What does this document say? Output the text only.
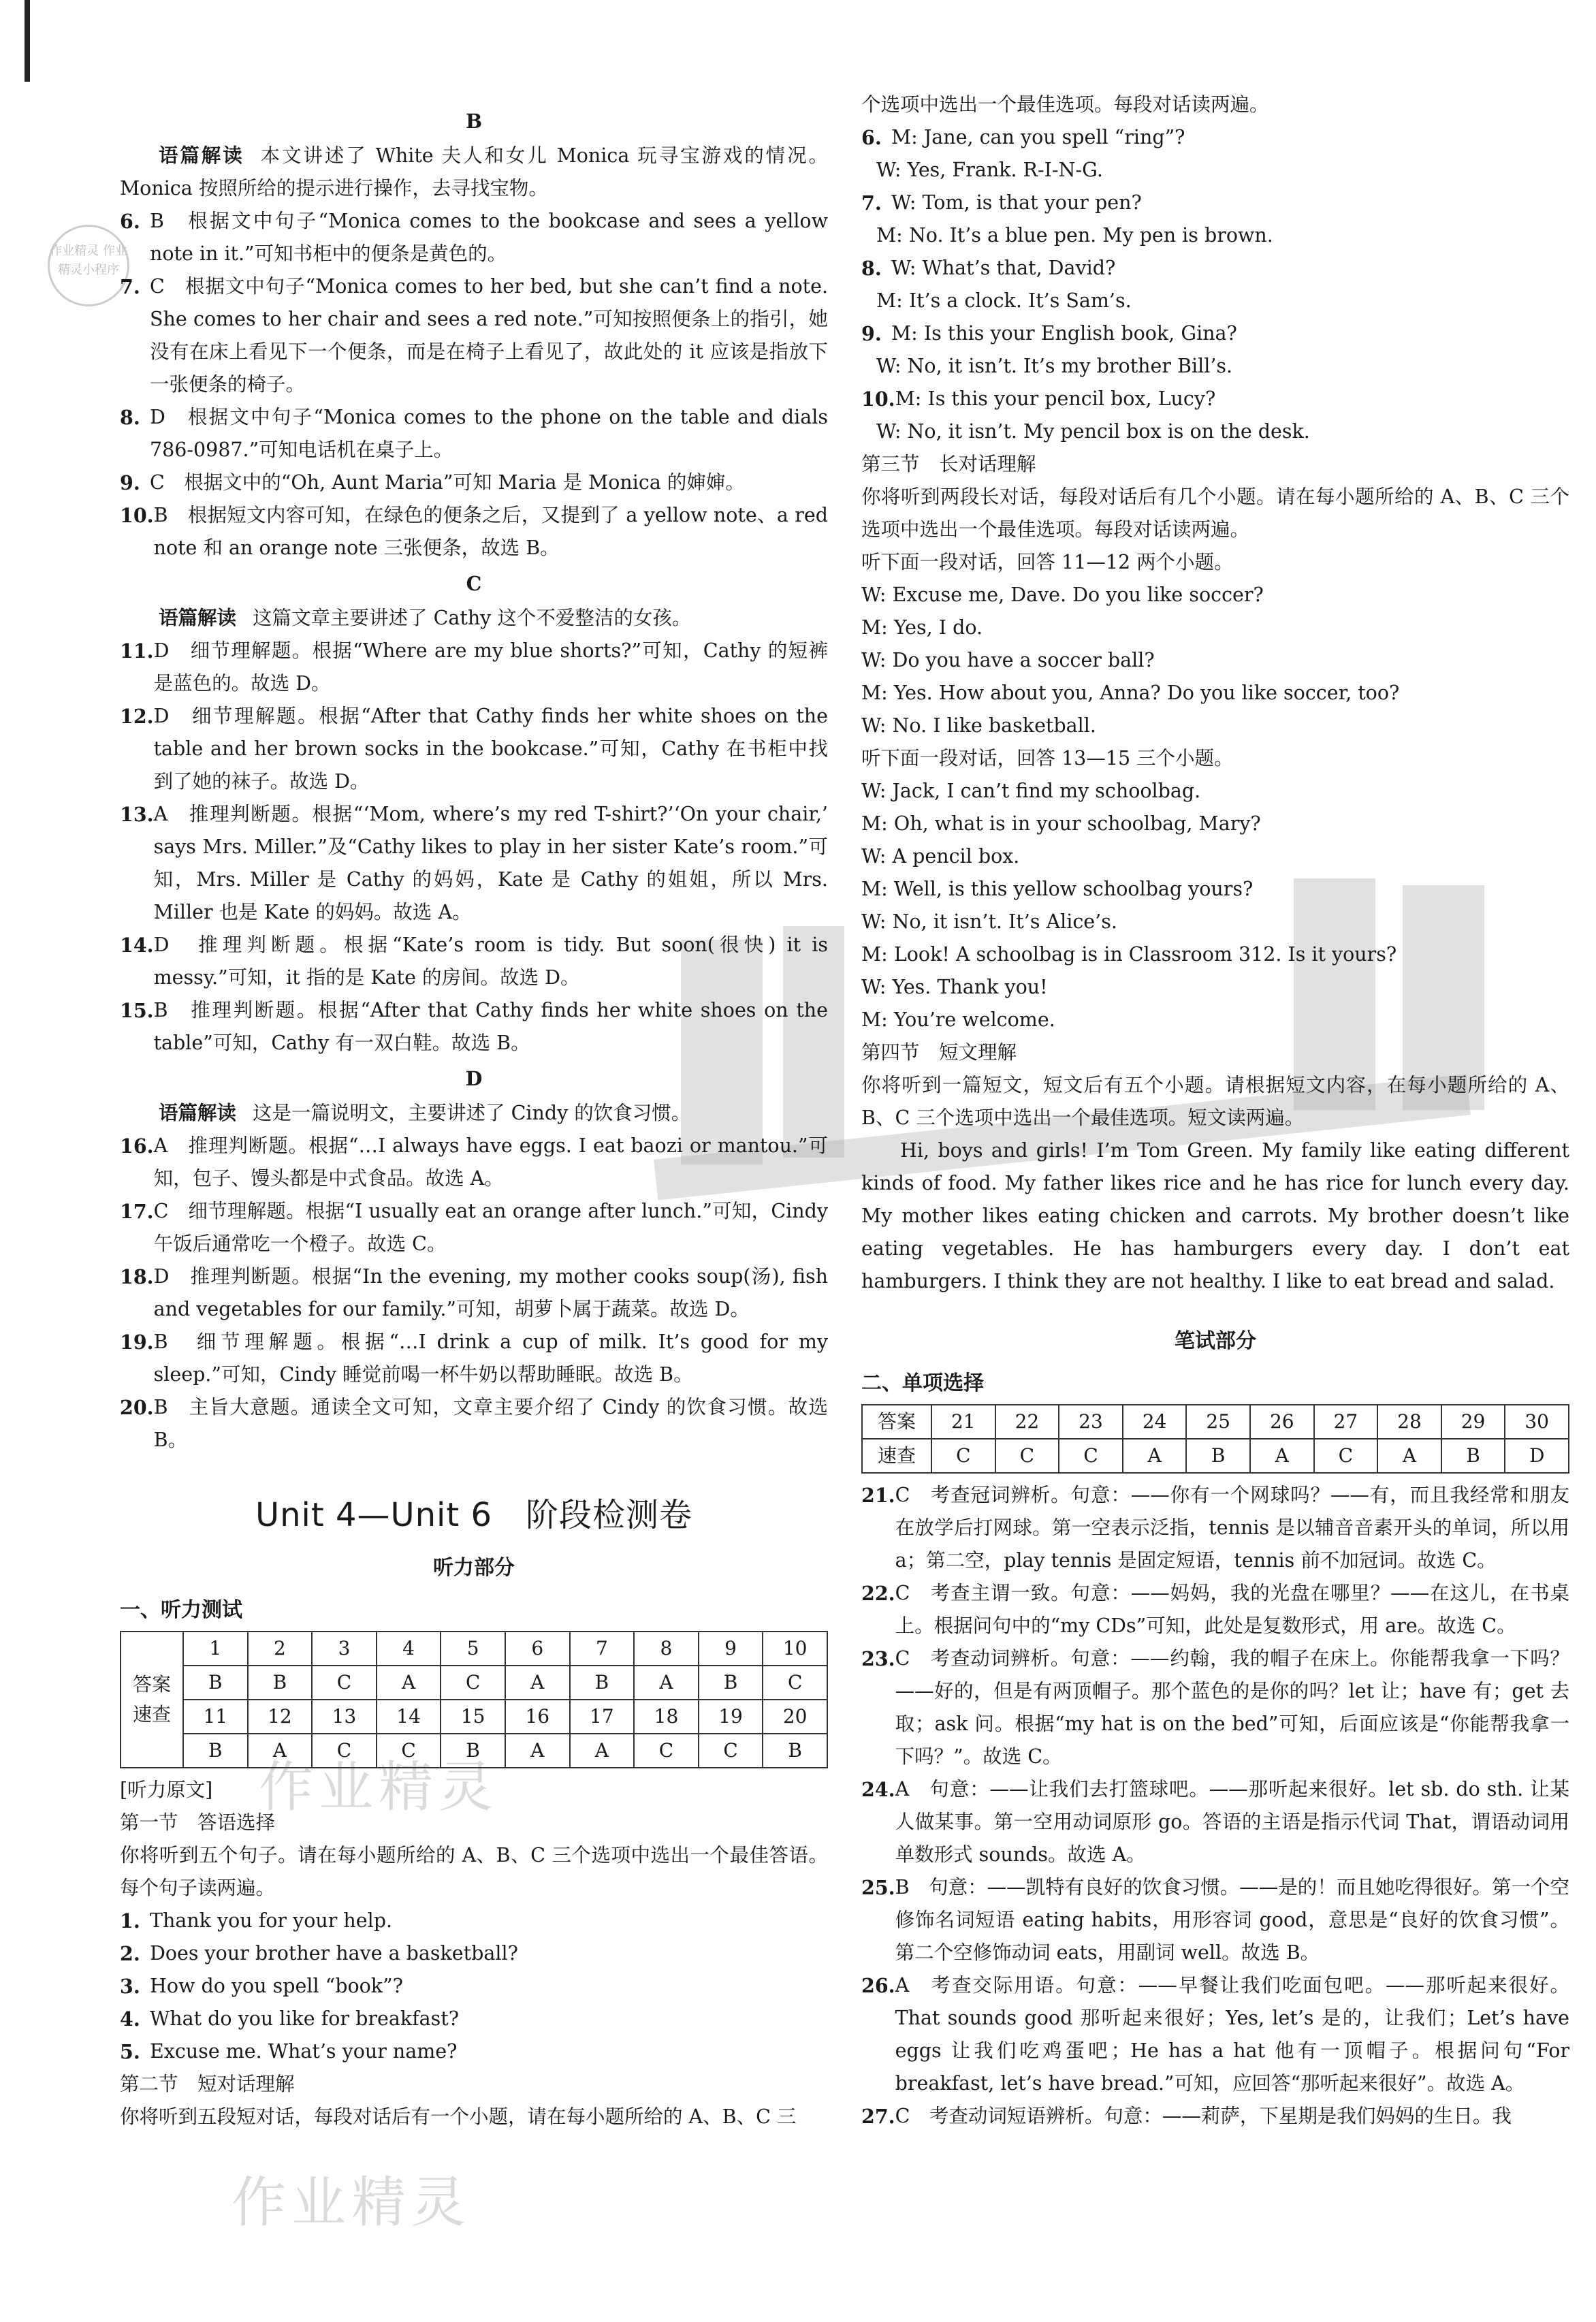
作业精灵 作业精灵小程序
作业精灵
作业精灵
B

语篇解读 本文讲述了 White 夫人和女儿 Monica 玩寻宝游戏的情况。Monica 按照所给的提示进行操作，去寻找宝物。

6. B　根据文中句子“Monica comes to the bookcase and sees a yellow note in it.”可知书柜中的便条是黄色的。
7. C　根据文中句子“Monica comes to her bed, but she can’t find a note. She comes to her chair and sees a red note.”可知按照便条上的指引，她没有在床上看见下一个便条，而是在椅子上看见了，故此处的 it 应该是指放下一张便条的椅子。
8. D　根据文中句子“Monica comes to the phone on the table and dials 786-0987.”可知电话机在桌子上。
9. C　根据文中的“Oh, Aunt Maria”可知 Maria 是 Monica 的婶婶。
10. B　根据短文内容可知，在绿色的便条之后，又提到了 a yellow note、a red note 和 an orange note 三张便条，故选 B。
C

语篇解读 这篇文章主要讲述了 Cathy 这个不爱整洁的女孩。

11. D　细节理解题。根据“Where are my blue shorts?”可知，Cathy 的短裤是蓝色的。故选 D。
12. D　细节理解题。根据“After that Cathy finds her white shoes on the table and her brown socks in the bookcase.”可知，Cathy 在书柜中找到了她的袜子。故选 D。
13. A　推理判断题。根据“‘Mom, where’s my red T-shirt?’‘On your chair,’ says Mrs. Miller.”及“Cathy likes to play in her sister Kate’s room.”可知，Mrs. Miller 是 Cathy 的妈妈，Kate 是 Cathy 的姐姐，所以 Mrs. Miller 也是 Kate 的妈妈。故选 A。
14. D　推理判断题。根据“Kate’s room is tidy. But soon(很快) it is messy.”可知，it 指的是 Kate 的房间。故选 D。
15. B　推理判断题。根据“After that Cathy finds her white shoes on the table”可知，Cathy 有一双白鞋。故选 B。
D

语篇解读 这是一篇说明文，主要讲述了 Cindy 的饮食习惯。

16. A　推理判断题。根据“…I always have eggs. I eat baozi or mantou.”可知，包子、馒头都是中式食品。故选 A。
17. C　细节理解题。根据“I usually eat an orange after lunch.”可知，Cindy 午饭后通常吃一个橙子。故选 C。
18. D　推理判断题。根据“In the evening, my mother cooks soup(汤), fish and vegetables for our family.”可知，胡萝卜属于蔬菜。故选 D。
19. B　细节理解题。根据“…I drink a cup of milk. It’s good for my sleep.”可知，Cindy 睡觉前喝一杯牛奶以帮助睡眠。故选 B。
20. B　主旨大意题。通读全文可知，文章主要介绍了 Cindy 的饮食习惯。故选 B。
Unit 4—Unit 6　阶段检测卷
听力部分
一、听力测试
答案
速查	1	2	3	4	5	6	7	8	9	10
	B	B	C	A	C	A	B	A	B	C
	11	12	13	14	15	16	17	18	19	20
	B	A	C	C	B	A	A	C	C	B
[听力原文]
第一节　答语选择

你将听到五个句子。请在每小题所给的 A、B、C 三个选项中选出一个最佳答语。每个句子读两遍。

1. Thank you for your help.
2. Does your brother have a basketball?
3. How do you spell “book”?
4. What do you like for breakfast?
5. Excuse me. What’s your name?
第二节　短对话理解

你将听到五段短对话，每段对话后有一个小题，请在每小题所给的 A、B、C 三

个选项中选出一个最佳选项。每段对话读两遍。

6. M: Jane, can you spell “ring”?
W: Yes, Frank. R-I-N-G.
7. W: Tom, is that your pen?
M: No. It’s a blue pen. My pen is brown.
8. W: What’s that, David?
M: It’s a clock. It’s Sam’s.
9. M: Is this your English book, Gina?
W: No, it isn’t. It’s my brother Bill’s.
10. M: Is this your pencil box, Lucy?
W: No, it isn’t. My pencil box is on the desk.
第三节　长对话理解

你将听到两段长对话，每段对话后有几个小题。请在每小题所给的 A、B、C 三个选项中选出一个最佳选项。每段对话读两遍。

听下面一段对话，回答 11—12 两个小题。
W: Excuse me, Dave. Do you like soccer?
M: Yes, I do.
W: Do you have a soccer ball?
M: Yes. How about you, Anna? Do you like soccer, too?
W: No. I like basketball.
听下面一段对话，回答 13—15 三个小题。
W: Jack, I can’t find my schoolbag.
M: Oh, what is in your schoolbag, Mary?
W: A pencil box.
M: Well, is this yellow schoolbag yours?
W: No, it isn’t. It’s Alice’s.
M: Look! A schoolbag is in Classroom 312. Is it yours?
W: Yes. Thank you!
M: You’re welcome.
第四节　短文理解

你将听到一篇短文，短文后有五个小题。请根据短文内容，在每小题所给的 A、B、C 三个选项中选出一个最佳选项。短文读两遍。

Hi, boys and girls! I’m Tom Green. My family like eating different kinds of food. My father likes rice and he has rice for lunch every day. My mother likes eating chicken and carrots. My brother doesn’t like eating vegetables. He has hamburgers every day. I don’t eat hamburgers. I think they are not healthy. I like to eat bread and salad.

笔试部分
二、单项选择
答案	21	22	23	24	25	26	27	28	29	30
速查	C	C	C	A	B	A	C	A	B	D
21. C　考查冠词辨析。句意：——你有一个网球吗？——有，而且我经常和朋友在放学后打网球。第一空表示泛指，tennis 是以辅音音素开头的单词，所以用 a；第二空，play tennis 是固定短语，tennis 前不加冠词。故选 C。
22. C　考查主谓一致。句意：——妈妈，我的光盘在哪里？——在这儿，在书桌上。根据问句中的“my CDs”可知，此处是复数形式，用 are。故选 C。
23. C　考查动词辨析。句意：——约翰，我的帽子在床上。你能帮我拿一下吗？——好的，但是有两顶帽子。那个蓝色的是你的吗？let 让；have 有；get 去取；ask 问。根据“my hat is on the bed”可知，后面应该是“你能帮我拿一下吗？”。故选 C。
24. A　句意：——让我们去打篮球吧。——那听起来很好。let sb. do sth. 让某人做某事。第一空用动词原形 go。答语的主语是指示代词 That，谓语动词用单数形式 sounds。故选 A。
25. B　句意：——凯特有良好的饮食习惯。——是的！而且她吃得很好。第一个空修饰名词短语 eating habits，用形容词 good，意思是“良好的饮食习惯”。第二个空修饰动词 eats，用副词 well。故选 B。
26. A　考查交际用语。句意：——早餐让我们吃面包吧。——那听起来很好。That sounds good 那听起来很好；Yes, let’s 是的，让我们；Let’s have eggs 让我们吃鸡蛋吧；He has a hat 他有一顶帽子。根据问句“For breakfast, let’s have bread.”可知，应回答“那听起来很好”。故选 A。
27. C　考查动词短语辨析。句意：——莉萨，下星期是我们妈妈的生日。我
